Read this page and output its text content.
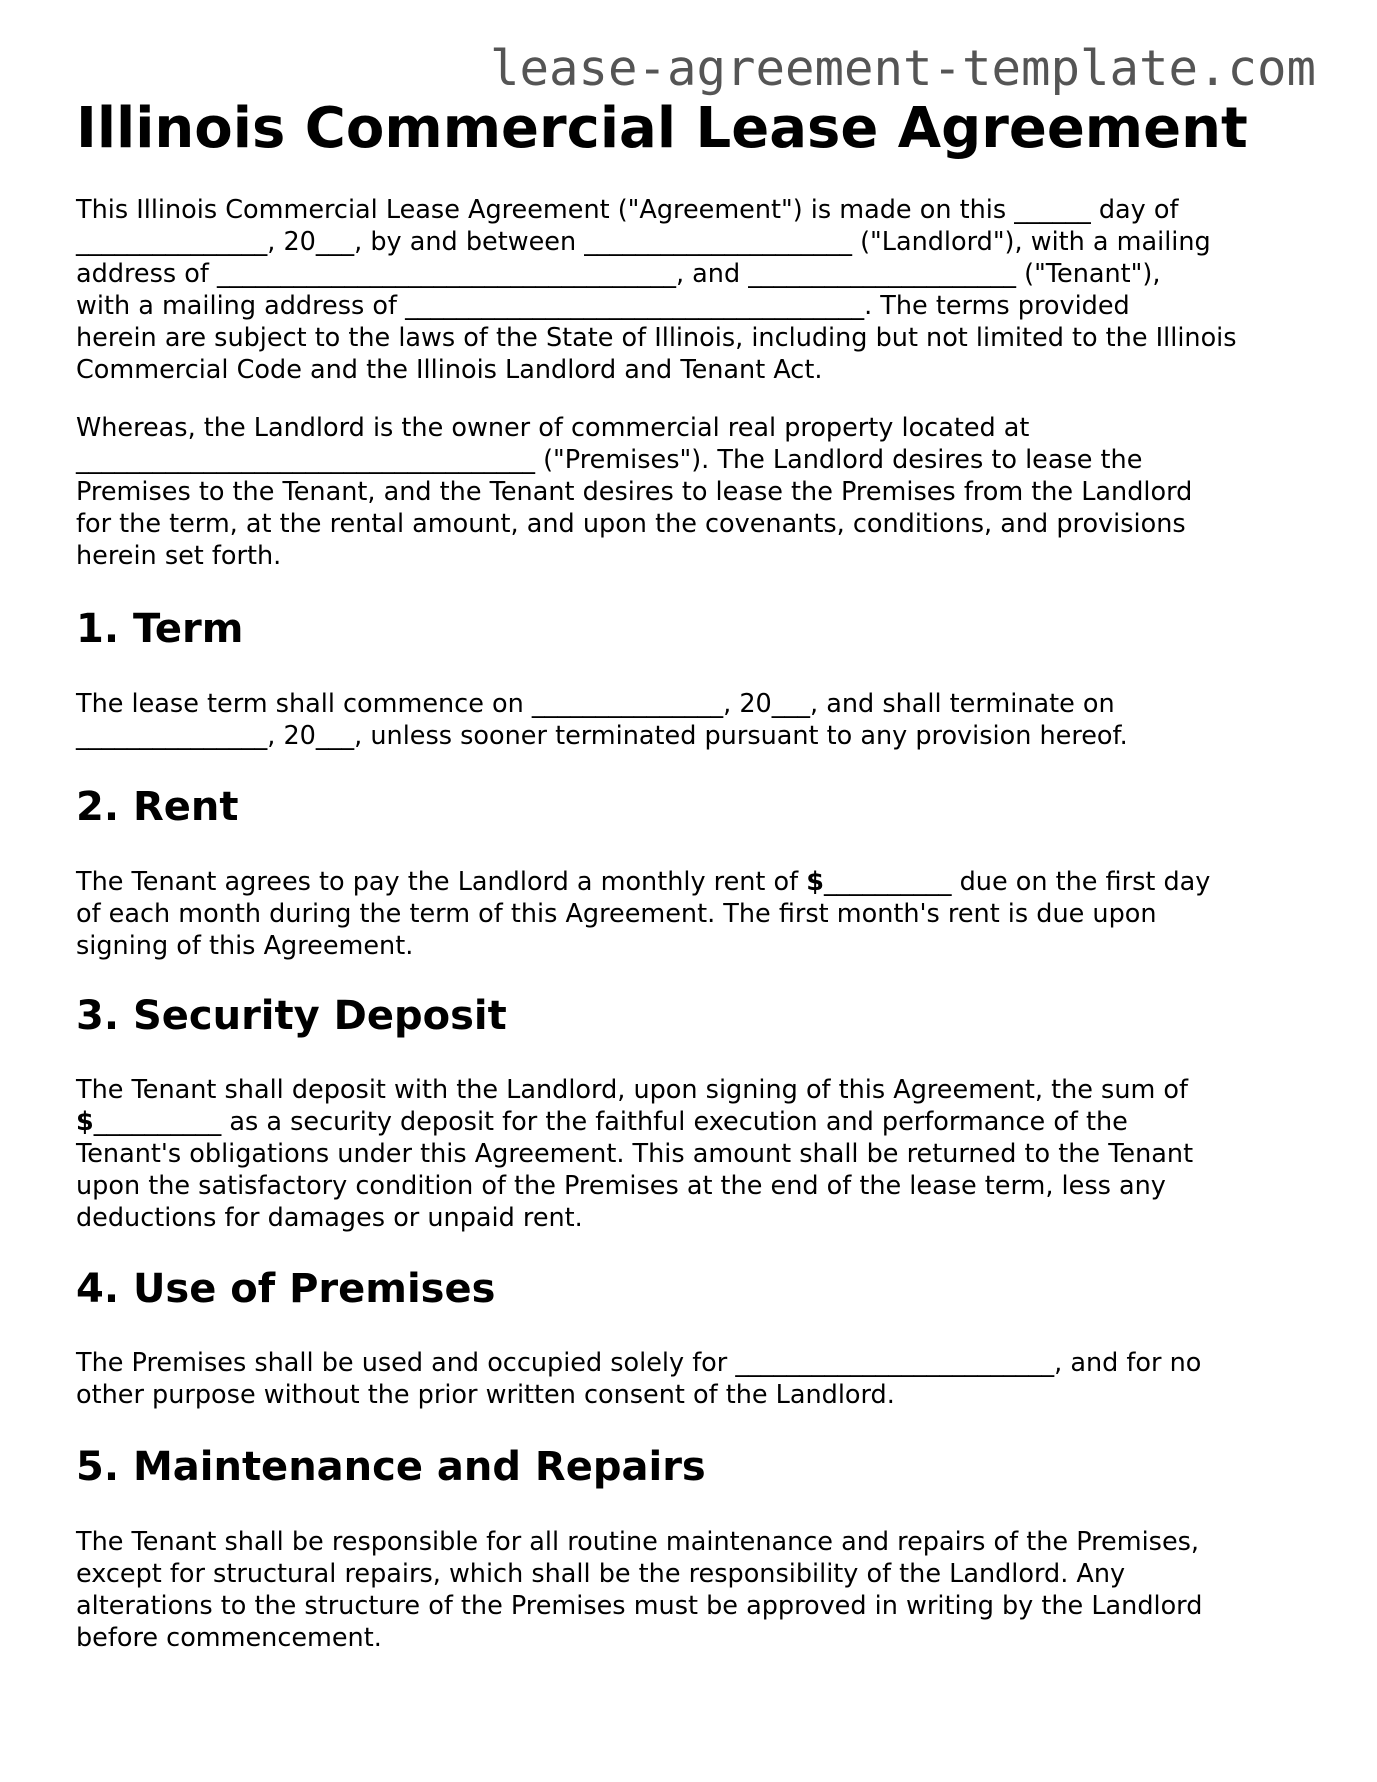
lease-agreement-template.com
Illinois Commercial Lease Agreement
This Illinois Commercial Lease Agreement ("Agreement") is made on this ______ day of
_______________, 20___, by and between _____________________ ("Landlord"), with a mailing
address of ____________________________________, and _____________________ ("Tenant"),
with a mailing address of ____________________________________. The terms provided
herein are subject to the laws of the State of Illinois, including but not limited to the Illinois
Commercial Code and the Illinois Landlord and Tenant Act.
Whereas, the Landlord is the owner of commercial real property located at
____________________________________ ("Premises"). The Landlord desires to lease the
Premises to the Tenant, and the Tenant desires to lease the Premises from the Landlord
for the term, at the rental amount, and upon the covenants, conditions, and provisions
herein set forth.
1. Term
The lease term shall commence on _______________, 20___, and shall terminate on
_______________, 20___, unless sooner terminated pursuant to any provision hereof.
2. Rent
The Tenant agrees to pay the Landlord a monthly rent of $__________ due on the first day
of each month during the term of this Agreement. The first month's rent is due upon
signing of this Agreement.
3. Security Deposit
The Tenant shall deposit with the Landlord, upon signing of this Agreement, the sum of
$__________ as a security deposit for the faithful execution and performance of the
Tenant's obligations under this Agreement. This amount shall be returned to the Tenant
upon the satisfactory condition of the Premises at the end of the lease term, less any
deductions for damages or unpaid rent.
4. Use of Premises
The Premises shall be used and occupied solely for _________________________, and for no
other purpose without the prior written consent of the Landlord.
5. Maintenance and Repairs
The Tenant shall be responsible for all routine maintenance and repairs of the Premises,
except for structural repairs, which shall be the responsibility of the Landlord. Any
alterations to the structure of the Premises must be approved in writing by the Landlord
before commencement.
